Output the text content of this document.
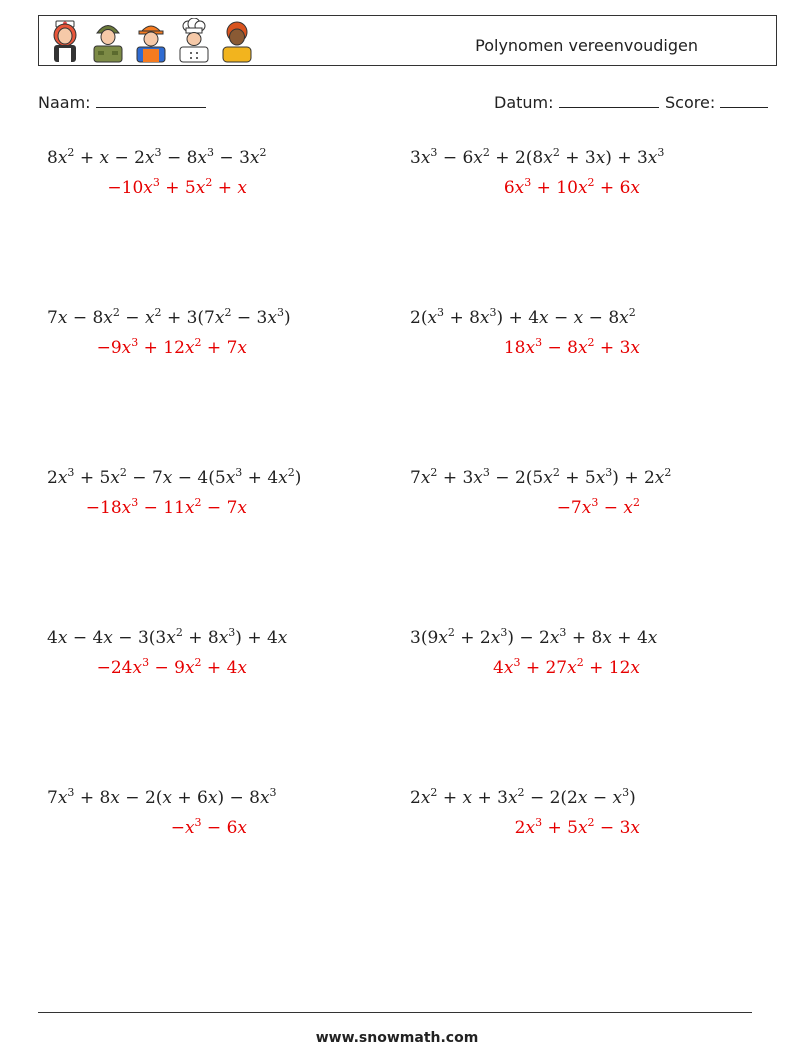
Polynomen vereenvoudigen
Naam:	Datum:	Score:
$8x^2 + x - 2x^3 - 8x^3 - 3x^2$
$-10x^3 + 5x^2 + x$
$3x^3 - 6x^2 + 2(8x^2 + 3x) + 3x^3$
$6x^3 + 10x^2 + 6x$
$7x - 8x^2 - x^2 + 3(7x^2 - 3x^3)$
$-9x^3 + 12x^2 + 7x$
$2(x^3 + 8x^3) + 4x - x - 8x^2$
$18x^3 - 8x^2 + 3x$
$2x^3 + 5x^2 - 7x - 4(5x^3 + 4x^2)$
$-18x^3 - 11x^2 - 7x$
$7x^2 + 3x^3 - 2(5x^2 + 5x^3) + 2x^2$
$-7x^3 - x^2$
$4x - 4x - 3(3x^2 + 8x^3) + 4x$
$-24x^3 - 9x^2 + 4x$
$3(9x^2 + 2x^3) - 2x^3 + 8x + 4x$
$4x^3 + 27x^2 + 12x$
$7x^3 + 8x - 2(x + 6x) - 8x^3$
$-x^3 - 6x$
$2x^2 + x + 3x^2 - 2(2x - x^3)$
$2x^3 + 5x^2 - 3x$
www.snowmath.com
